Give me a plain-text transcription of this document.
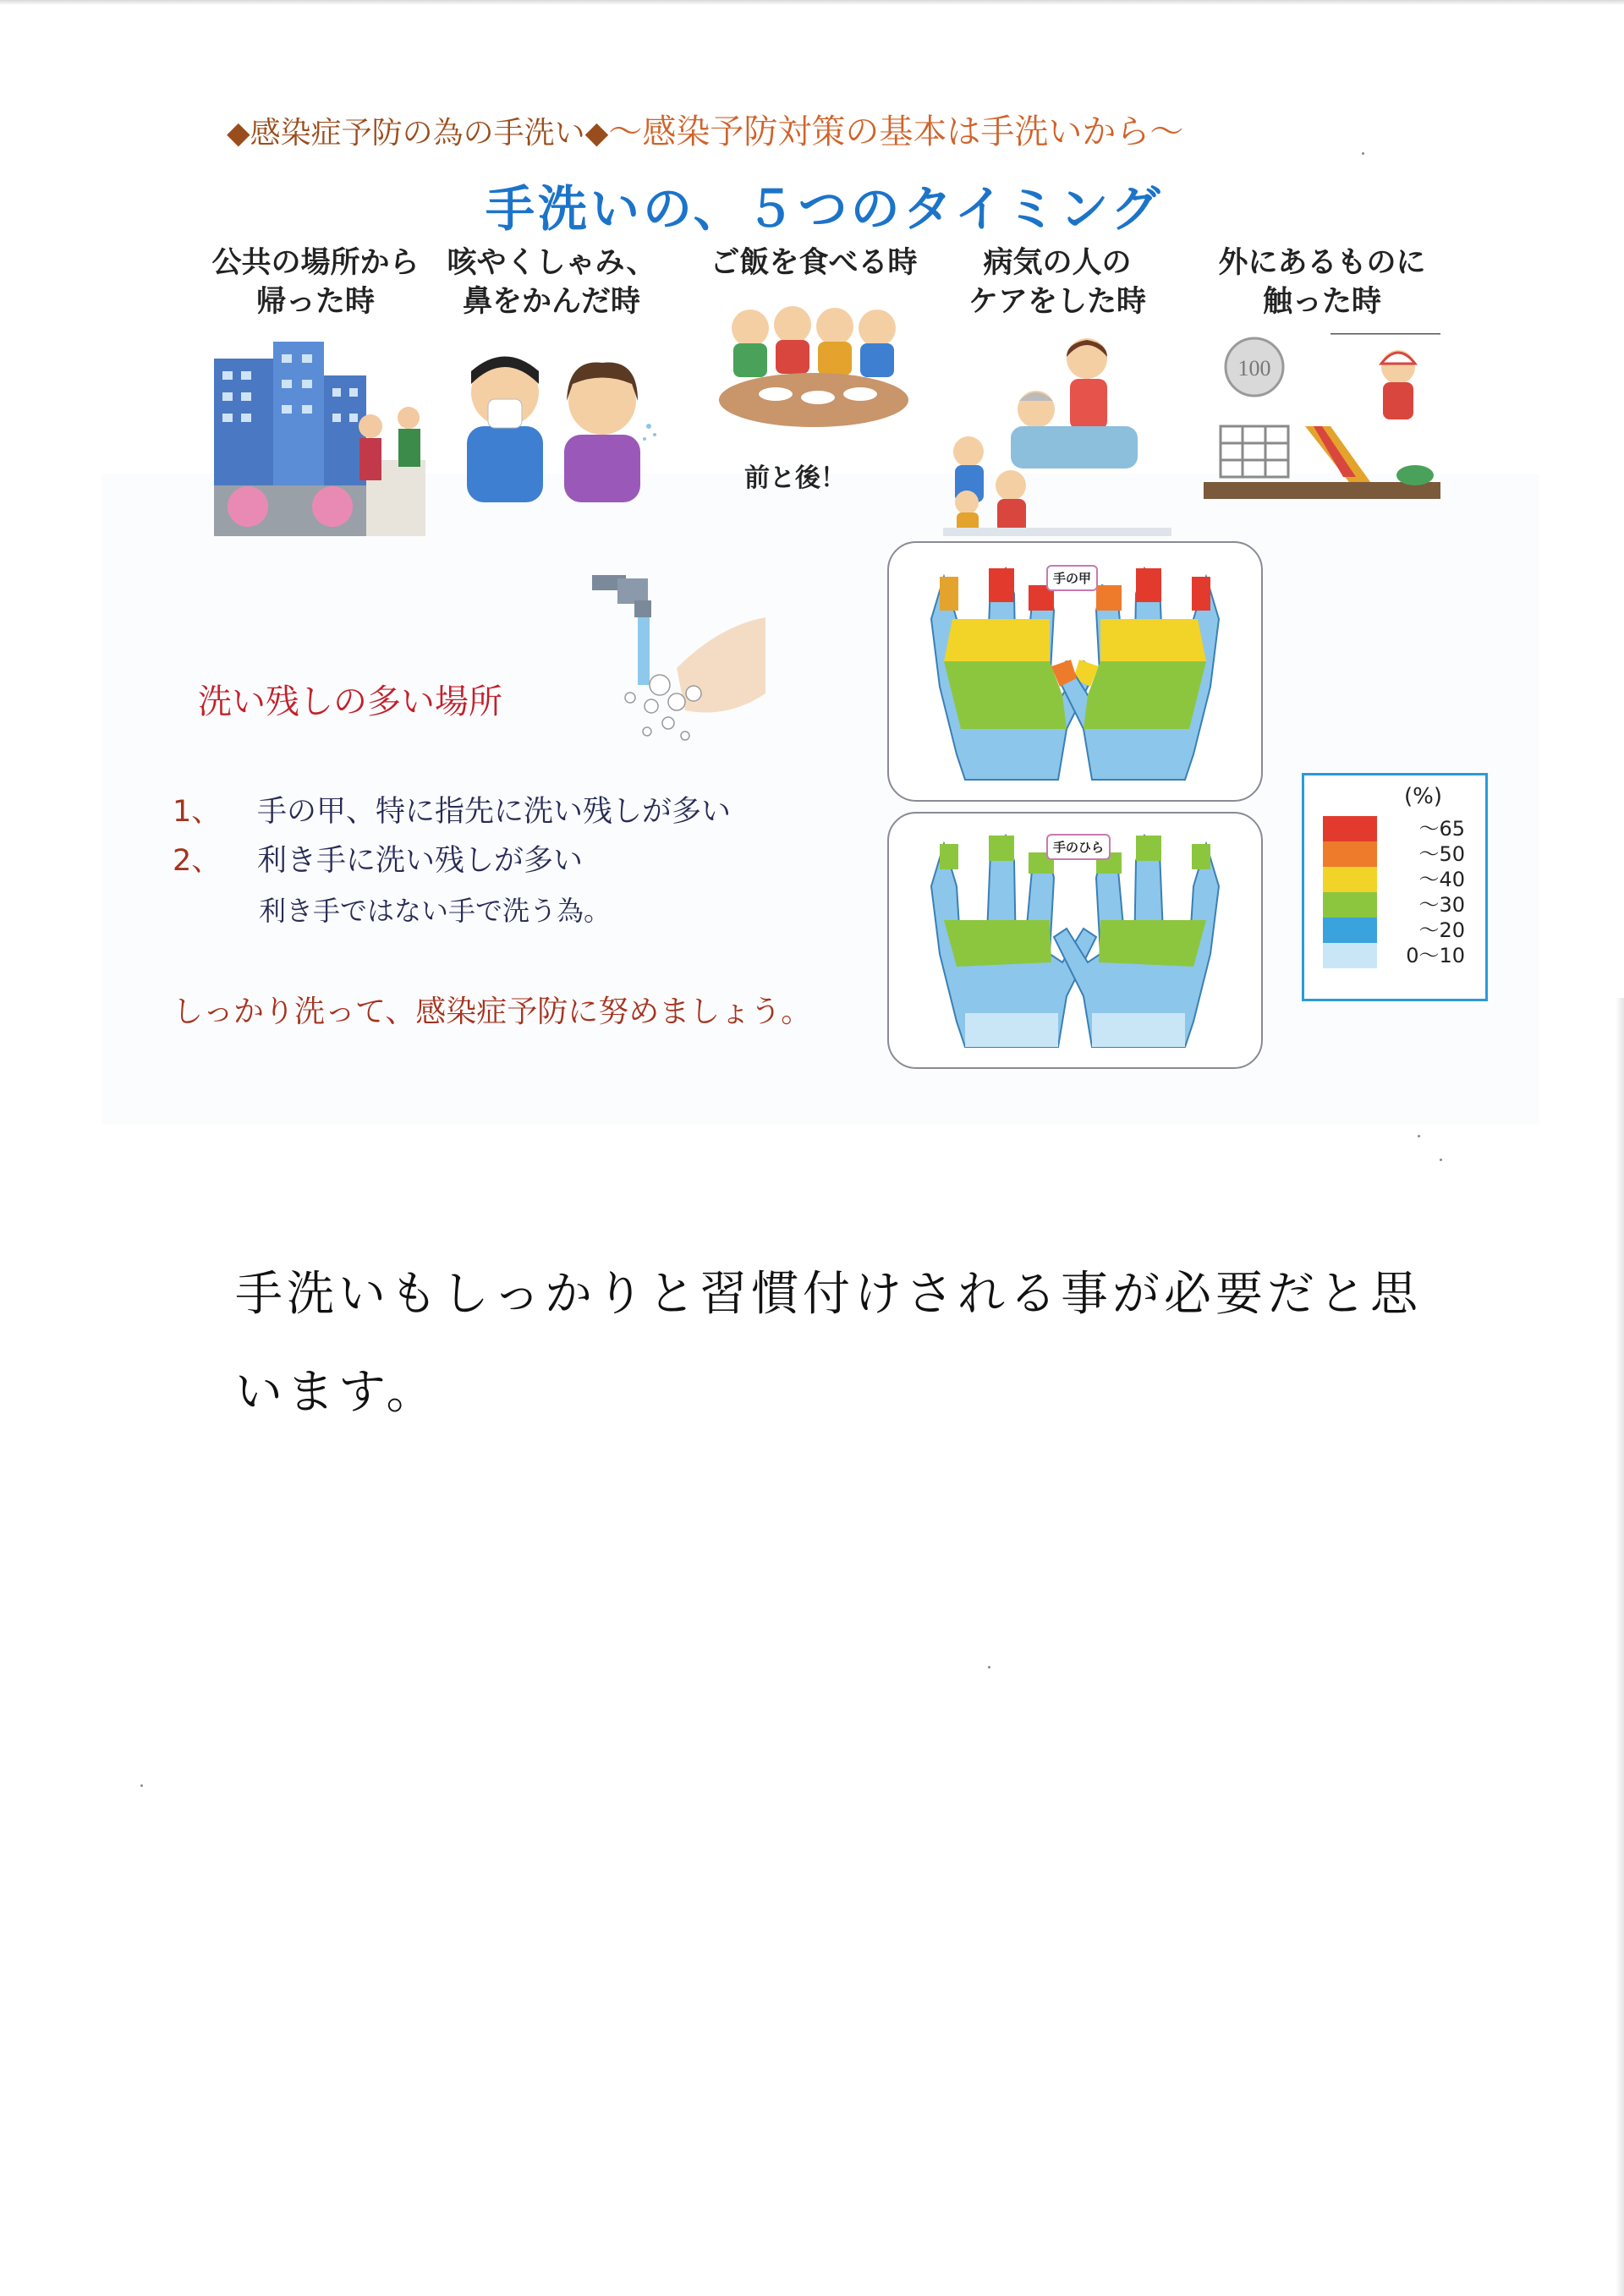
◆感染症予防の為の手洗い◆～感染予防対策の基本は手洗いから～
手洗いの、５つのタイミング
公共の場所から
帰った時
咳やくしゃみ、
鼻をかんだ時
ご飯を食べる時
前と後！
病気の人の
ケアをした時
外にあるものに
触った時
100
洗い残しの多い場所
1、 手の甲、特に指先に洗い残しが多い
2、 利き手に洗い残しが多い
利き手ではない手で洗う為。
しっかり洗って、感染症予防に努めましょう。
手の甲
手のひら
(%)
～65
～50
～40
～30
～20
0～10
手洗いもしっかりと習慣付けされる事が必要だと思
います。
